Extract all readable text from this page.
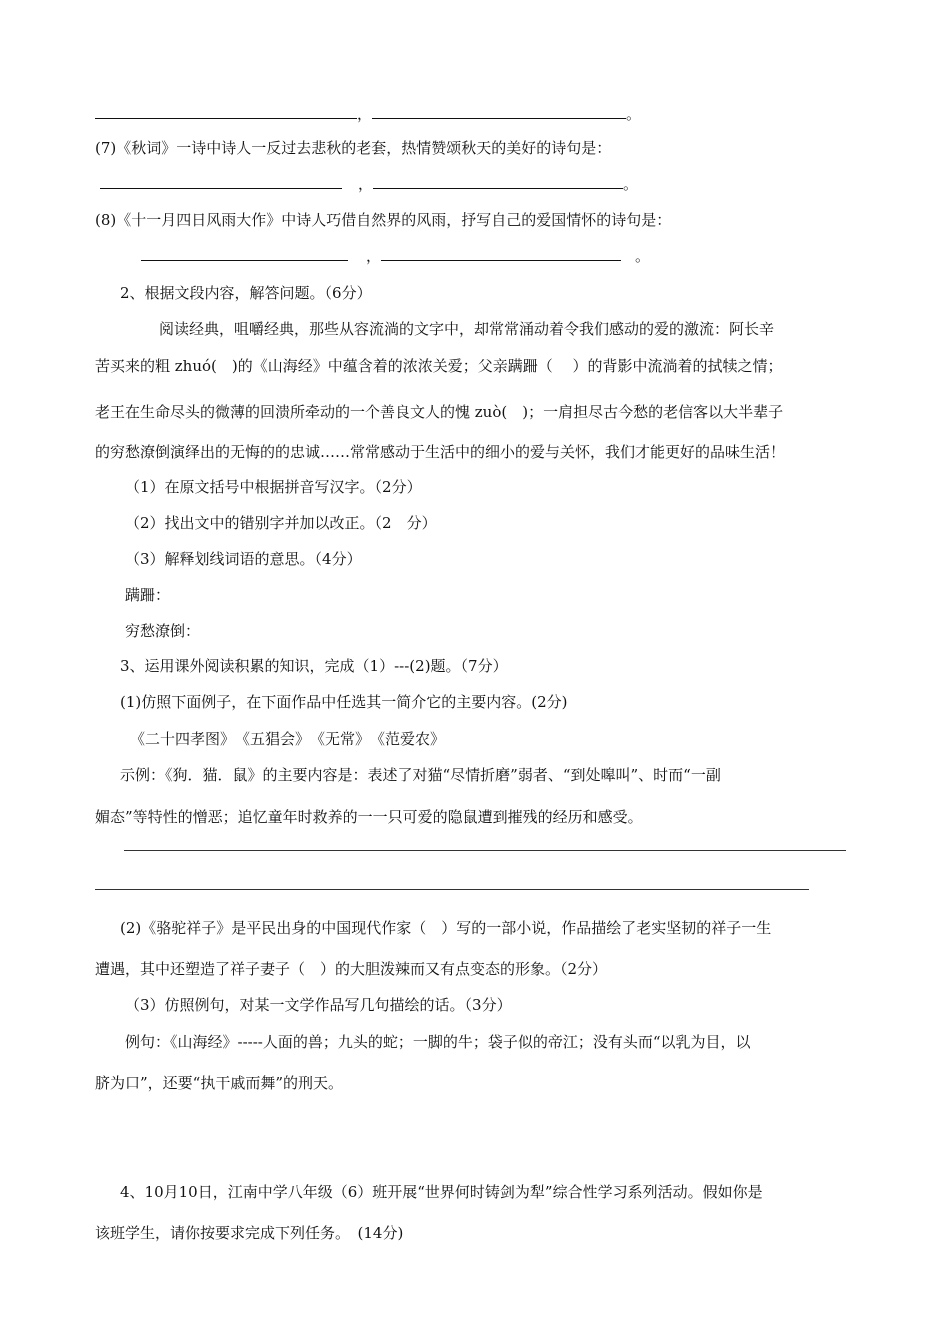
，	。
(7)《秋词》一诗中诗人一反过去悲秋的老套，热情赞颂秋天的美好的诗句是：
，	。
(8)《十一月四日风雨大作》中诗人巧借自然界的风雨，抒写自己的爱国情怀的诗句是：
，	。
2、根据文段内容，解答问题。（6分）
阅读经典，咀嚼经典，那些从容流淌的文字中，却常常涌动着令我们感动的爱的激流：阿长辛
苦买来的粗 zhuó(　)的《山海经》中蕴含着的浓浓关爱；父亲蹒跚（　 ）的背影中流淌着的拭犊之情；
老王在生命尽头的微薄的回溃所牵动的一个善良文人的愧 zuò(　)；一肩担尽古今愁的老信客以大半辈子
的穷愁潦倒演绎出的无悔的的忠诚……常常感动于生活中的细小的爱与关怀，我们才能更好的品味生活！
（1）在原文括号中根据拼音写汉字。（2分）
（2）找出文中的错别字并加以改正。（2　分）
（3）解释划线词语的意思。（4分）
蹒跚：
穷愁潦倒：
3、运用课外阅读积累的知识，完成（1）---(2)题。（7分）
(1)仿照下面例子，在下面作品中任选其一简介它的主要内容。(2分)
《二十四孝图》　《五猖会》　《无常》　《范爱农》
示例：《狗．猫．鼠》的主要内容是：表述了对猫“尽情折磨”弱者、“到处嗥叫”、时而“一副
媚态”等特性的憎恶；追忆童年时救养的一一只可爱的隐鼠遭到摧残的经历和感受。
(2)《骆驼祥子》是平民出身的中国现代作家（　）写的一部小说，作品描绘了老实坚韧的祥子一生
遭遇，其中还塑造了祥子妻子（　）的大胆泼辣而又有点变态的形象。（2分）
（3）仿照例句，对某一文学作品写几句描绘的话。（3分）
例句：《山海经》-----人面的兽；九头的蛇；一脚的牛；袋子似的帝江；没有头而“以乳为目，以
脐为口”，还要“执干戚而舞”的刑天。
4、10月10日，江南中学八年级（6）班开展“世界何时铸剑为犁”综合性学习系列活动。假如你是
该班学生，请你按要求完成下列任务。　(14分)
